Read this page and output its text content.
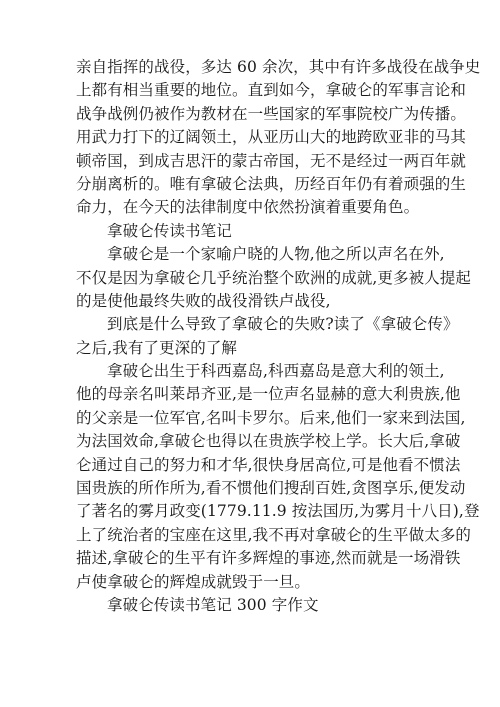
亲自指挥的战役，多达 60 余次，其中有许多战役在战争史
上都有相当重要的地位。直到如今，拿破仑的军事言论和
战争战例仍被作为教材在一些国家的军事院校广为传播。
用武力打下的辽阔领土，从亚历山大的地跨欧亚非的马其
顿帝国，到成吉思汗的蒙古帝国，无不是经过一两百年就
分崩离析的。唯有拿破仑法典，历经百年仍有着顽强的生
命力，在今天的法律制度中依然扮演着重要角色。
拿破仑传读书笔记
拿破仑是一个家喻户晓的人物,他之所以声名在外,
不仅是因为拿破仑几乎统治整个欧洲的成就,更多被人提起
的是使他最终失败的战役滑铁卢战役,
到底是什么导致了拿破仑的失败?读了《拿破仑传》
之后,我有了更深的了解
拿破仑出生于科西嘉岛,科西嘉岛是意大利的领土,
他的母亲名叫莱昂齐亚,是一位声名显赫的意大利贵族,他
的父亲是一位军官,名叫卡罗尔。后来,他们一家来到法国,
为法国效命,拿破仑也得以在贵族学校上学。长大后,拿破
仑通过自己的努力和才华,很快身居高位,可是他看不惯法
国贵族的所作所为,看不惯他们搜刮百姓,贪图享乐,便发动
了著名的雾月政变(1779.11.9 按法国历,为雾月十八日),登
上了统治者的宝座在这里,我不再对拿破仑的生平做太多的
描述,拿破仑的生平有许多辉煌的事迹,然而就是一场滑铁
卢使拿破仑的辉煌成就毁于一旦。
拿破仑传读书笔记 300 字作文
